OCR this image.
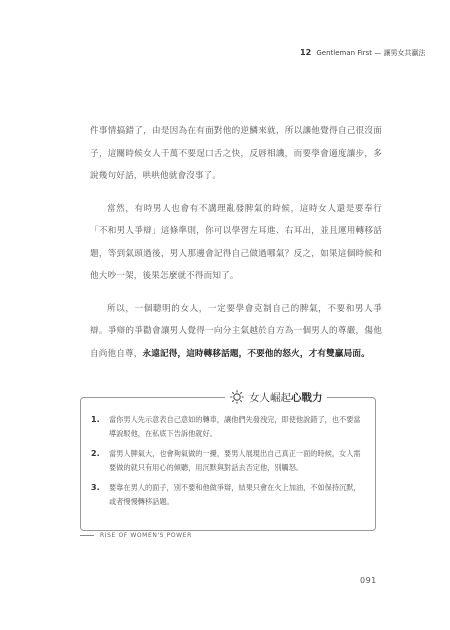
12 Gentleman First — 讓男女共贏法

件事情搞錯了，由是因為在有面對他的逆鱗來就，所以讓他覺得自己很沒面子，這關時候女人千萬不要逞口舌之快，反唇相譏，而要學會適度讓步，多說幾句好話，哄哄他就會沒事了。

當然，有時男人也會有不講理亂發脾氣的時候，這時女人還是要奉行「不和男人爭辯」這條準則，你可以學習左耳進、右耳出，並且運用轉移話題，等到氣頭過後，男人那邊會記得自己做過哪氣？反之，如果這個時候和他大吵一架，後果怎麼就不得而知了。

所以，一個聰明的女人，一定要學會克制自己的脾氣，不要和男人爭辯。爭辯的爭勸會讓男人覺得一向分主氣越於自方為一個男人的尊嚴，傷他自尚他自尊，永遠記得，這時轉移話題，不要他的怒火，才有雙贏局面。

女人崛起 心戰力
1.	當你男人先示意表自己意如的轉車，讓他們先發洩完，即使他說錯了，也不要當導說駁他，在私底下告訴他就好。
2.	當男人脾氣大，也會夠氣做的一擾，要男人展現出自己真正一面的時候，女人需要做的就只有用心的傾聽，用沉默與對話去否定他，別觸怒。
3.	要靠在男人的面子，別不要和他做爭辯，結果只會在火上加油，不如保持沉默，或者慢慢轉移話題。
RISE OF WOMEN'S POWER
091
